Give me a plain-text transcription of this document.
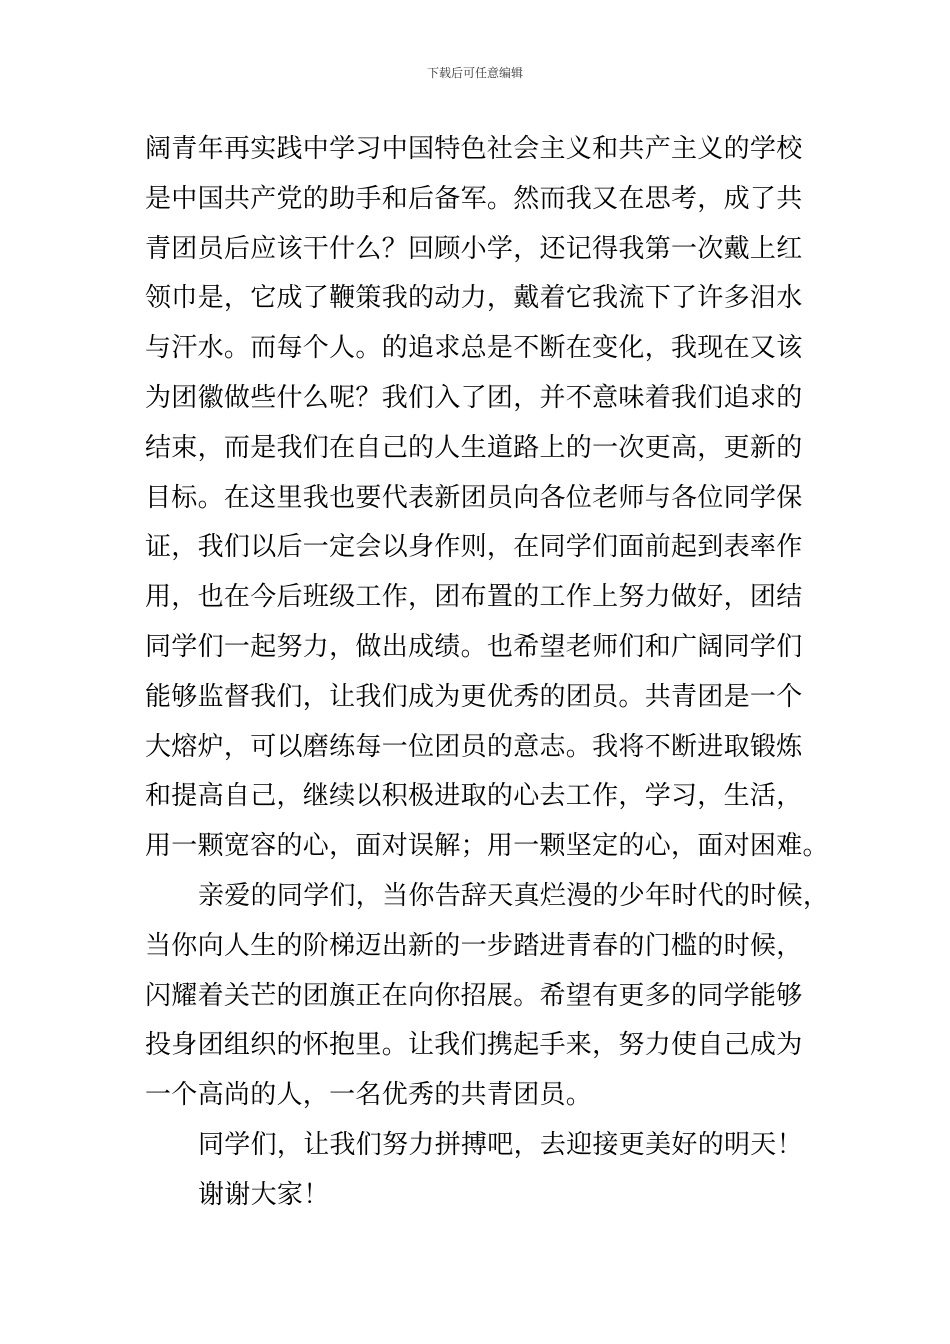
下载后可任意编辑
阔青年再实践中学习中国特色社会主义和共产主义的学校
是中国共产党的助手和后备军。然而我又在思考，成了共
青团员后应该干什么？回顾小学，还记得我第一次戴上红
领巾是，它成了鞭策我的动力，戴着它我流下了许多泪水
与汗水。而每个人。的追求总是不断在变化，我现在又该
为团徽做些什么呢？我们入了团，并不意味着我们追求的
结束，而是我们在自己的人生道路上的一次更高，更新的
目标。在这里我也要代表新团员向各位老师与各位同学保
证，我们以后一定会以身作则，在同学们面前起到表率作
用，也在今后班级工作，团布置的工作上努力做好，团结
同学们一起努力，做出成绩。也希望老师们和广阔同学们
能够监督我们，让我们成为更优秀的团员。共青团是一个
大熔炉，可以磨练每一位团员的意志。我将不断进取锻炼
和提高自己，继续以积极进取的心去工作，学习，生活，
用一颗宽容的心，面对误解；用一颗坚定的心，面对困难。
亲爱的同学们，当你告辞天真烂漫的少年时代的时候，
当你向人生的阶梯迈出新的一步踏进青春的门槛的时候，
闪耀着关芒的团旗正在向你招展。希望有更多的同学能够
投身团组织的怀抱里。让我们携起手来，努力使自己成为
一个高尚的人，一名优秀的共青团员。
同学们，让我们努力拼搏吧，去迎接更美好的明天！
谢谢大家！
